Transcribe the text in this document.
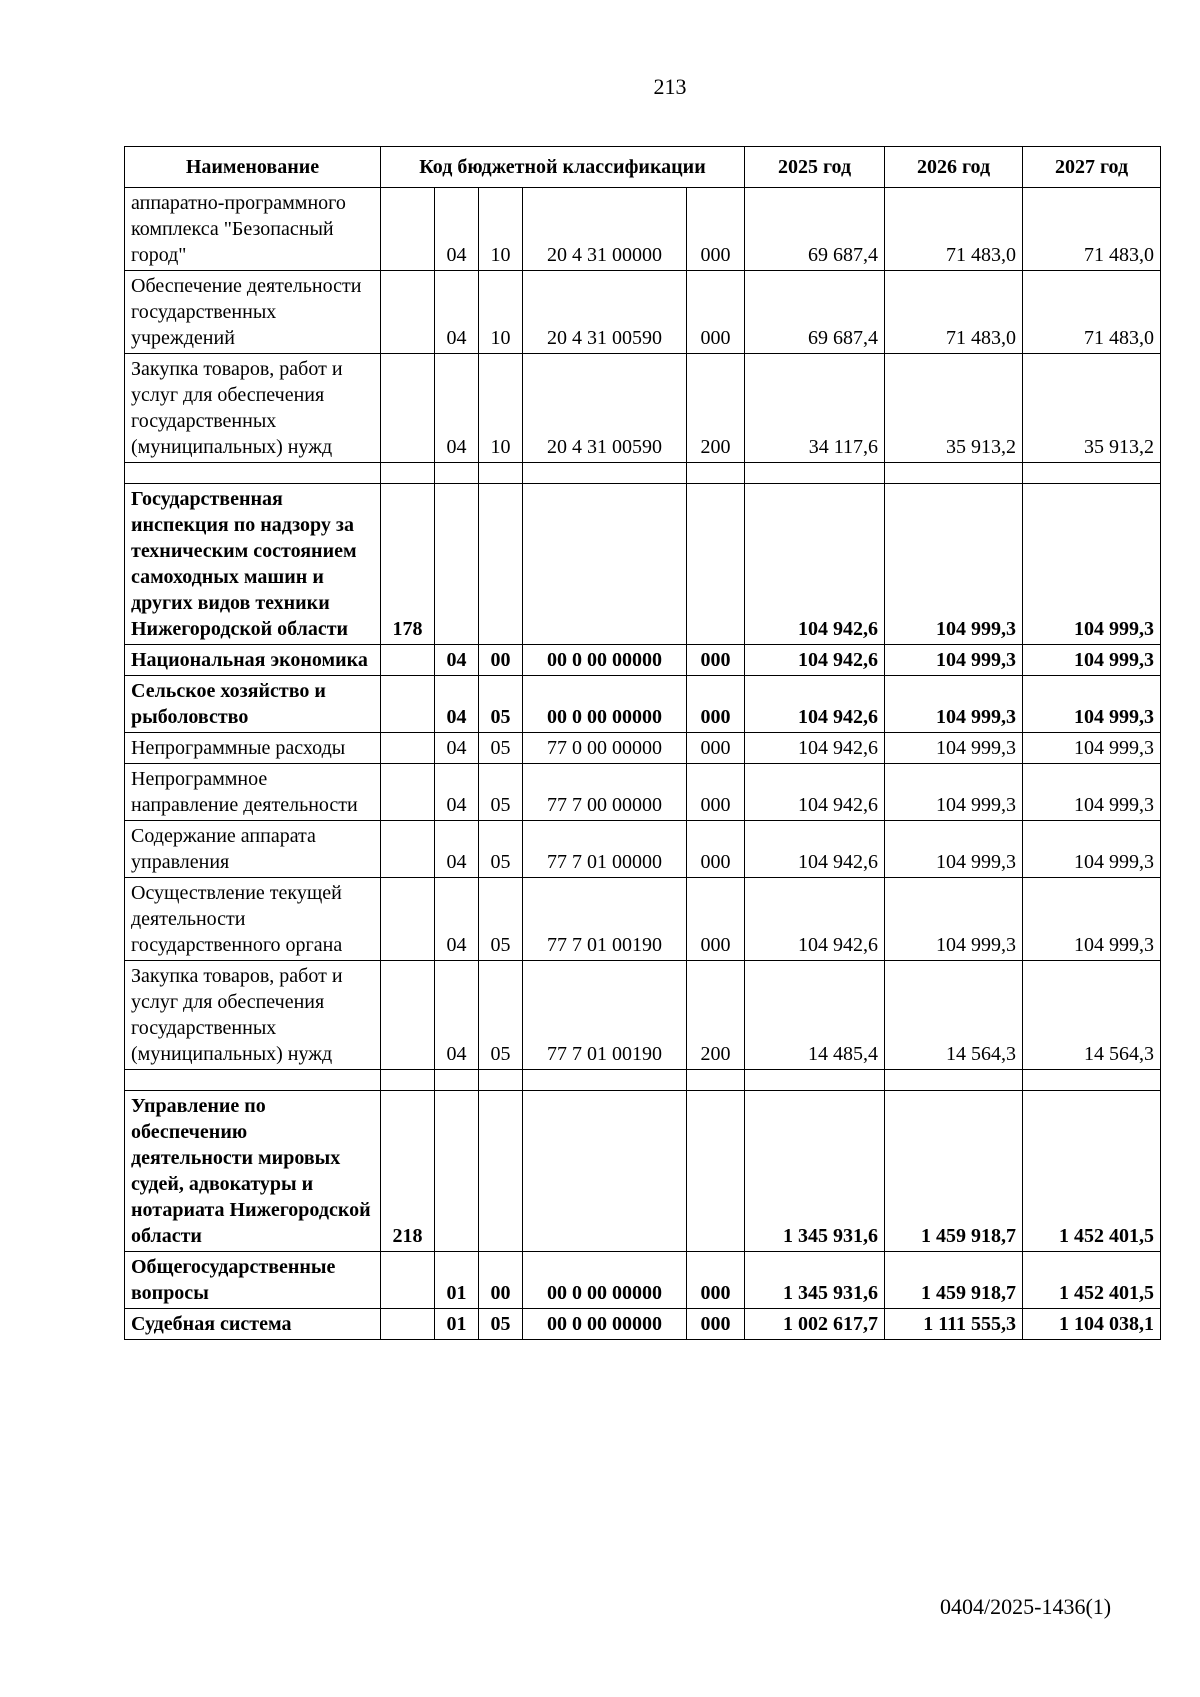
213
Наименование	Код бюджетной классификации					2025 год	2026 год	2027 год
аппаратно-программного комплекса "Безопасный город"		04	10	20 4 31 00000	000	69 687,4	71 483,0	71 483,0
Обеспечение деятельности государственных учреждений		04	10	20 4 31 00590	000	69 687,4	71 483,0	71 483,0
Закупка товаров, работ и услуг для обеспечения государственных (муниципальных) нужд		04	10	20 4 31 00590	200	34 117,6	35 913,2	35 913,2

Государственная инспекция по надзору за техническим состоянием самоходных машин и других видов техники Нижегородской области	178					104 942,6	104 999,3	104 999,3
Национальная экономика		04	00	00 0 00 00000	000	104 942,6	104 999,3	104 999,3
Сельское хозяйство и рыболовство		04	05	00 0 00 00000	000	104 942,6	104 999,3	104 999,3
Непрограммные расходы		04	05	77 0 00 00000	000	104 942,6	104 999,3	104 999,3
Непрограммное направление деятельности		04	05	77 7 00 00000	000	104 942,6	104 999,3	104 999,3
Содержание аппарата управления		04	05	77 7 01 00000	000	104 942,6	104 999,3	104 999,3
Осуществление текущей деятельности государственного органа		04	05	77 7 01 00190	000	104 942,6	104 999,3	104 999,3
Закупка товаров, работ и услуг для обеспечения государственных (муниципальных) нужд		04	05	77 7 01 00190	200	14 485,4	14 564,3	14 564,3

Управление по обеспечению деятельности мировых судей, адвокатуры и нотариата Нижегородской области	218					1 345 931,6	1 459 918,7	1 452 401,5
Общегосударственные вопросы		01	00	00 0 00 00000	000	1 345 931,6	1 459 918,7	1 452 401,5
Судебная система		01	05	00 0 00 00000	000	1 002 617,7	1 111 555,3	1 104 038,1
0404/2025-1436(1)
